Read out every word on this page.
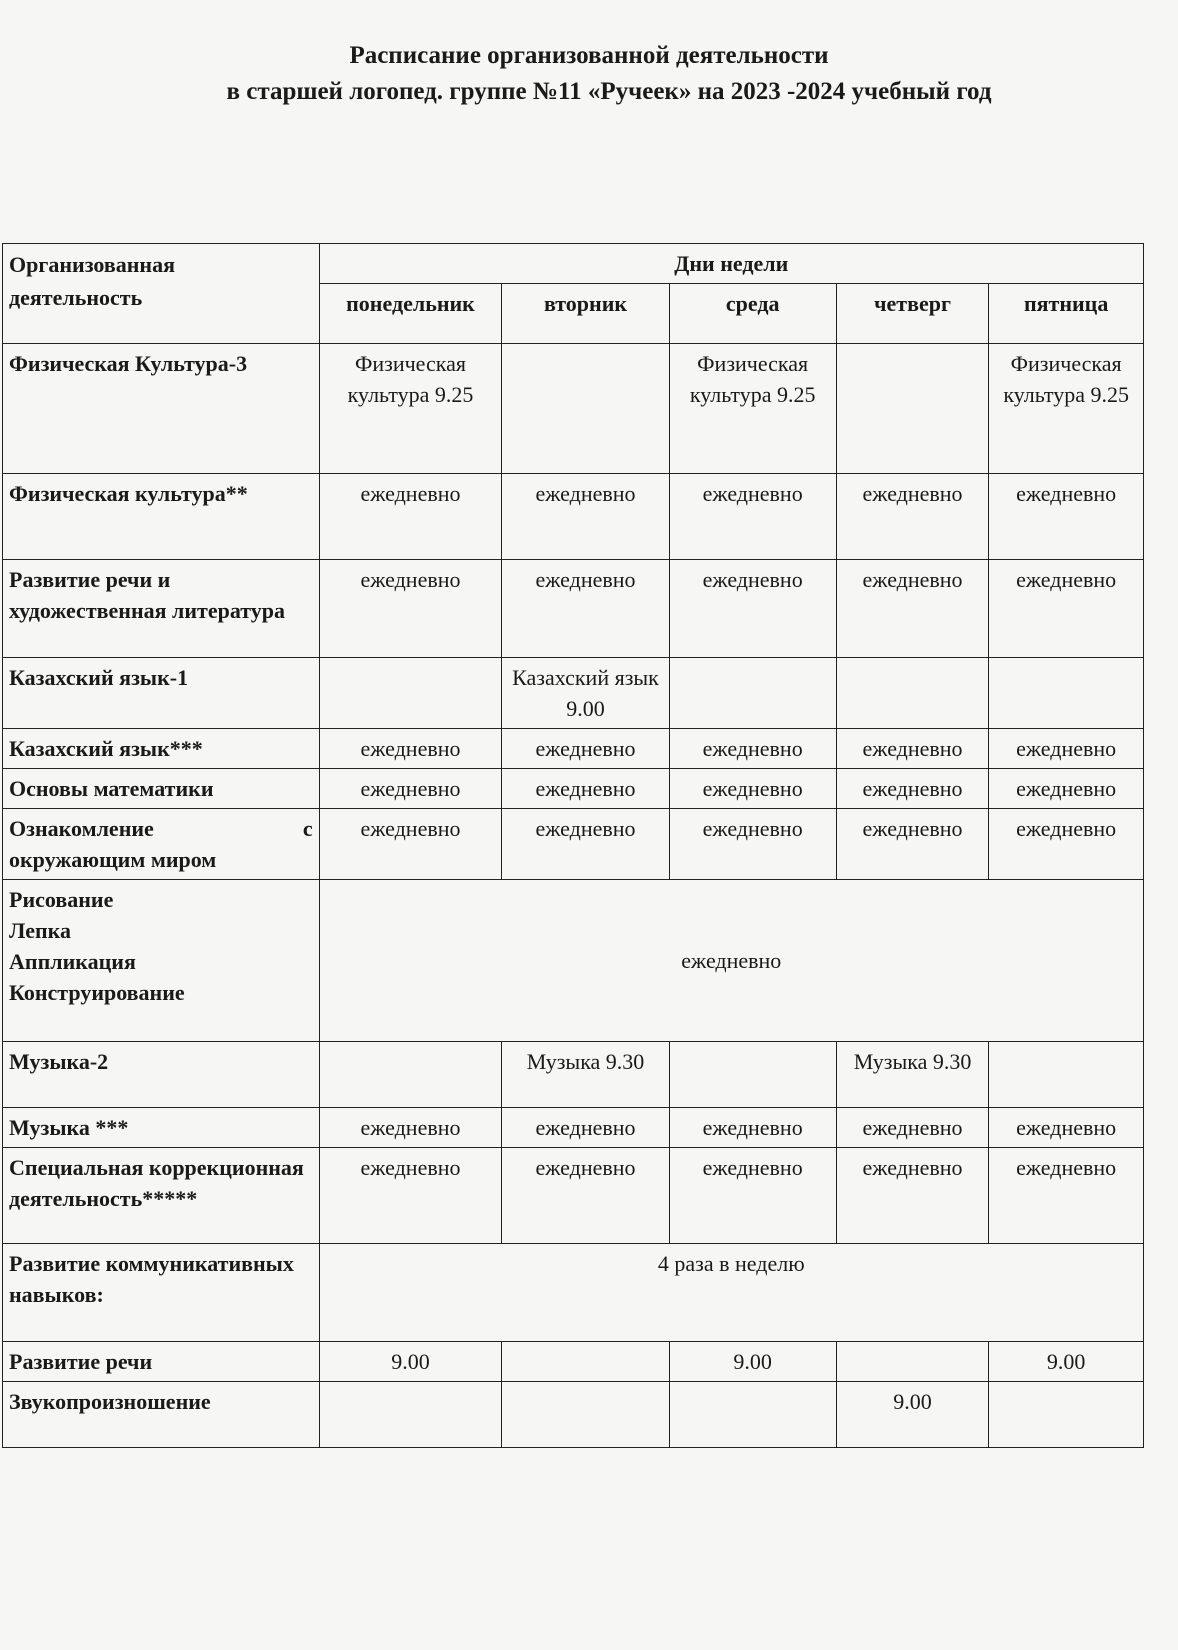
Расписание организованной деятельности
в старшей логопед. группе №11 «Ручеек» на 2023 -2024 учебный год
Организованная деятельность	Дни недели				
	понедельник	вторник	среда	четверг	пятница
Физическая Культура-3	Физическая культура 9.25		Физическая культура 9.25		Физическая культура 9.25
Физическая культура**	ежедневно	ежедневно	ежедневно	ежедневно	ежедневно
Развитие речи и художественная литература	ежедневно	ежедневно	ежедневно	ежедневно	ежедневно
Казахский язык-1		Казахский язык 9.00			
Казахский язык***	ежедневно	ежедневно	ежедневно	ежедневно	ежедневно
Основы математики	ежедневно	ежедневно	ежедневно	ежедневно	ежедневно

Ознакомление с
окружающим миром	ежедневно	ежедневно	ежедневно	ежедневно	ежедневно

Рисование
Лепка
Аппликация
Конструирование	ежедневно				
Музыка-2		Музыка 9.30		Музыка 9.30	
Музыка ***	ежедневно	ежедневно	ежедневно	ежедневно	ежедневно
Специальная коррекционная деятельность*****	ежедневно	ежедневно	ежедневно	ежедневно	ежедневно
Развитие коммуникативных навыков:	4 раза в неделю				
Развитие речи	9.00		9.00		9.00
Звукопроизношение				9.00	
